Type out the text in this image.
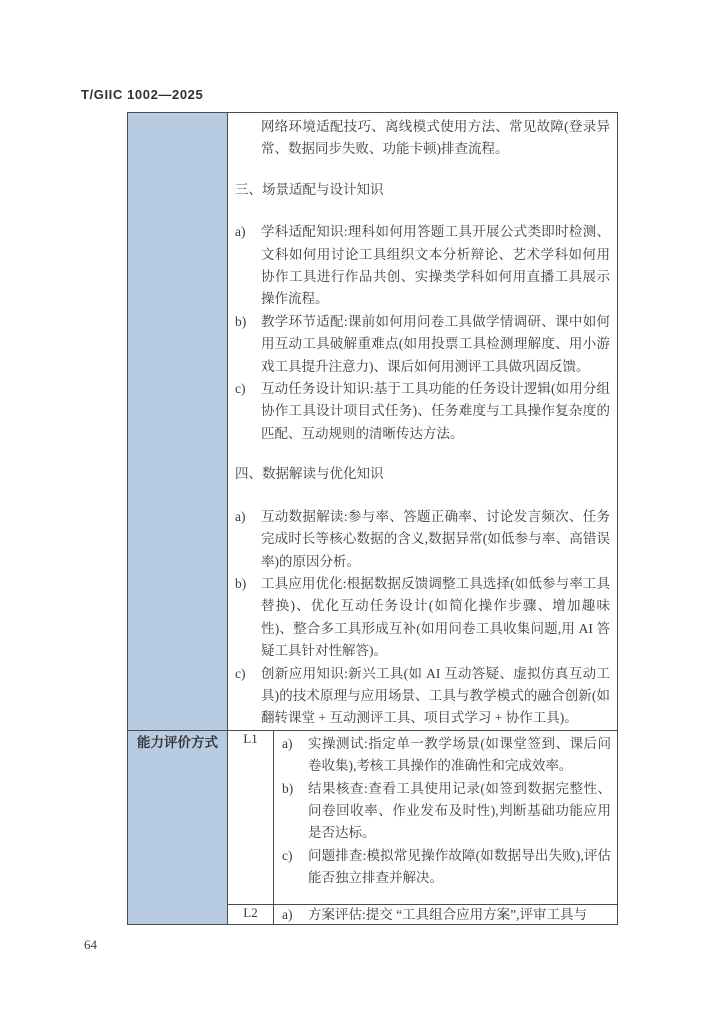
T/GIIC 1002—2025

网络环境适配技巧、离线模式使用方法、常见故障(登录异常、数据同步失败、功能卡顿)排查流程。
三、场景适配与设计知识
a)	学科适配知识:理科如何用答题工具开展公式类即时检测、文科如何用讨论工具组织文本分析辩论、艺术学科如何用协作工具进行作品共创、实操类学科如何用直播工具展示操作流程。
b)	教学环节适配:课前如何用问卷工具做学情调研、课中如何用互动工具破解重难点(如用投票工具检测理解度、用小游戏工具提升注意力)、课后如何用测评工具做巩固反馈。
c)	互动任务设计知识:基于工具功能的任务设计逻辑(如用分组协作工具设计项目式任务)、任务难度与工具操作复杂度的匹配、互动规则的清晰传达方法。
四、数据解读与优化知识
a)	互动数据解读:参与率、答题正确率、讨论发言频次、任务完成时长等核心数据的含义,数据异常(如低参与率、高错误率)的原因分析。
b)	工具应用优化:根据数据反馈调整工具选择(如低参与率工具替换)、优化互动任务设计(如简化操作步骤、增加趣味性)、整合多工具形成互补(如用问卷工具收集问题,用 AI 答疑工具针对性解答)。
c)	创新应用知识:新兴工具(如 AI 互动答疑、虚拟仿真互动工具)的技术原理与应用场景、工具与教学模式的融合创新(如翻转课堂 + 互动测评工具、项目式学习 + 协作工具)。

能力评价方式	L1	a)	实操测试:指定单一教学场景(如课堂签到、课后问卷收集),考核工具操作的准确性和完成效率。
b)	结果核查:查看工具使用记录(如签到数据完整性、问卷回收率、作业发布及时性),判断基础功能应用是否达标。
c)	问题排查:模拟常见操作故障(如数据导出失败),评估能否独立排查并解决。

	L2	a) 方案评估:提交 “工具组合应用方案”,评审工具与
64
